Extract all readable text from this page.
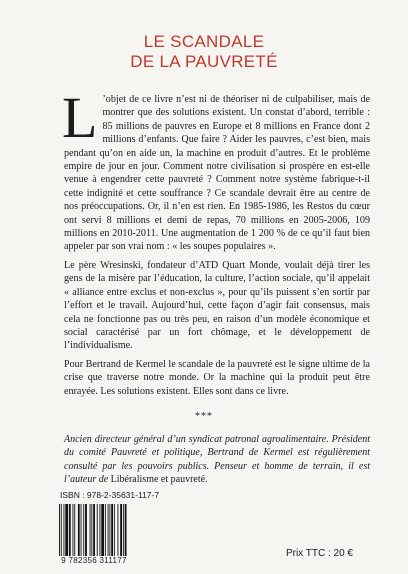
LE SCANDALE
DE LA PAUVRETÉ

L ’objet de ce livre n’est ni de théoriser ni de culpabiliser, mais de montrer que des solutions existent. Un constat d’abord, terrible : 85 millions de pauvres en Europe et 8 millions en France dont 2 millions d’enfants. Que faire ? Aider les pauvres, c’est bien, mais pendant qu’on en aide un, la machine en produit d’autres. Et le problème empire de jour en jour. Comment notre civilisation si prospère en est-elle venue à engendrer cette pauvreté ? Comment notre système fabrique-t-il cette indignité et cette souffrance ? Ce scandale devrait être au centre de nos préoccupations. Or, il n’en est rien. En 1985-1986, les Restos du cœur ont servi 8 millions et demi de repas, 70 millions en 2005-2006, 109 millions en 2010-2011. Une augmentation de 1 200 % de ce qu’il faut bien appeler par son vrai nom : « les soupes populaires ».

Le père Wresinski, fondateur d’ATD Quart Monde, voulait déjà tirer les gens de la misère par l’éducation, la culture, l’action sociale, qu’il appelait « alliance entre exclus et non-exclus », pour qu’ils puissent s’en sortir par l’effort et le travail. Aujourd’hui, cette façon d’agir fait consensus, mais cela ne fonctionne pas ou très peu, en raison d’un modèle économique et social caractérisé par un fort chômage, et le développement de l’individualisme.

Pour Bertrand de Kermel le scandale de la pauvreté est le signe ultime de la crise que traverse notre monde. Or la machine qui la produit peut être enrayée. Les solutions existent. Elles sont dans ce livre.

***
Ancien directeur général d’un syndicat patronal agroalimentaire. Président du comité Pauvreté et politique, Bertrand de Kermel est régulièrement consulté par les pouvoirs publics. Penseur et homme de terrain, il est l’auteur de Libéralisme et pauvreté.
ISBN : 978-2-35631-117-7
9 782356 311177
Prix TTC : 20 €
